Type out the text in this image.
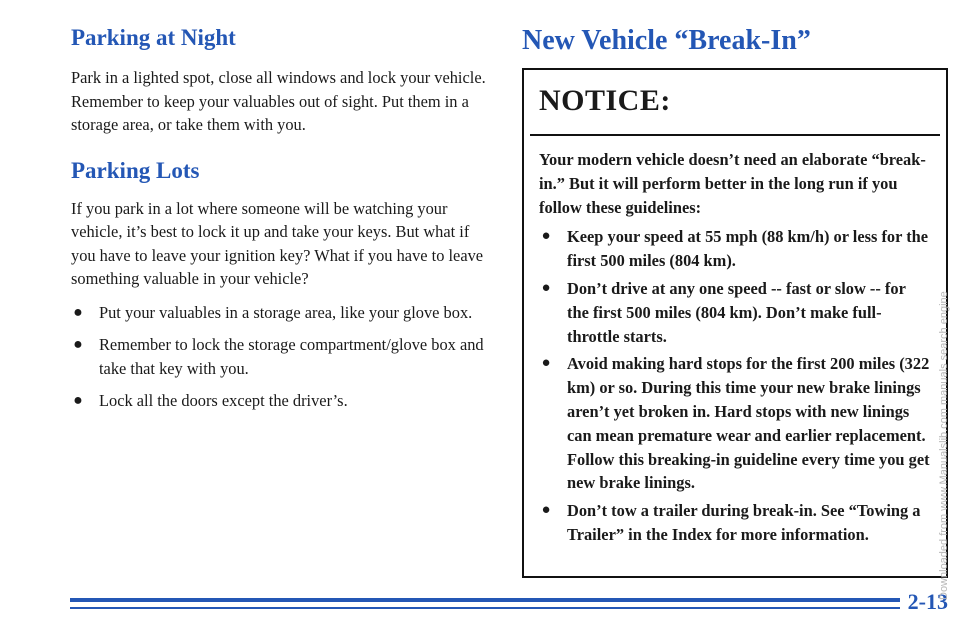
Parking at Night

Park in a lighted spot, close all windows and lock your vehicle. Remember to keep your valuables out of sight. Put them in a storage area, or take them with you.

Parking Lots

If you park in a lot where someone will be watching your vehicle, it’s best to lock it up and take your keys. But what if you have to leave your ignition key? What if you have to leave something valuable in your vehicle?

● Put your valuables in a storage area, like your glove box.
● Remember to lock the storage compartment/glove box and take that key with you.
● Lock all the doors except the driver’s.
New Vehicle “Break-In”
NOTICE:

Your modern vehicle doesn’t need an elaborate “break-in.” But it will perform better in the long run if you follow these guidelines:

● Keep your speed at 55 mph (88 km/h) or less for the first 500 miles (804 km).
● Don’t drive at any one speed -- fast or slow -- for the first 500 miles (804 km). Don’t make full-throttle starts.
● Avoid making hard stops for the first 200 miles (322 km) or so. During this time your new brake linings aren’t yet broken in. Hard stops with new linings can mean premature wear and earlier replacement. Follow this breaking-in guideline every time you get new brake linings.
● Don’t tow a trailer during break-in. See “Towing a Trailer” in the Index for more information.
2-13
Downloaded from www.Manualslib.com manuals search engine
